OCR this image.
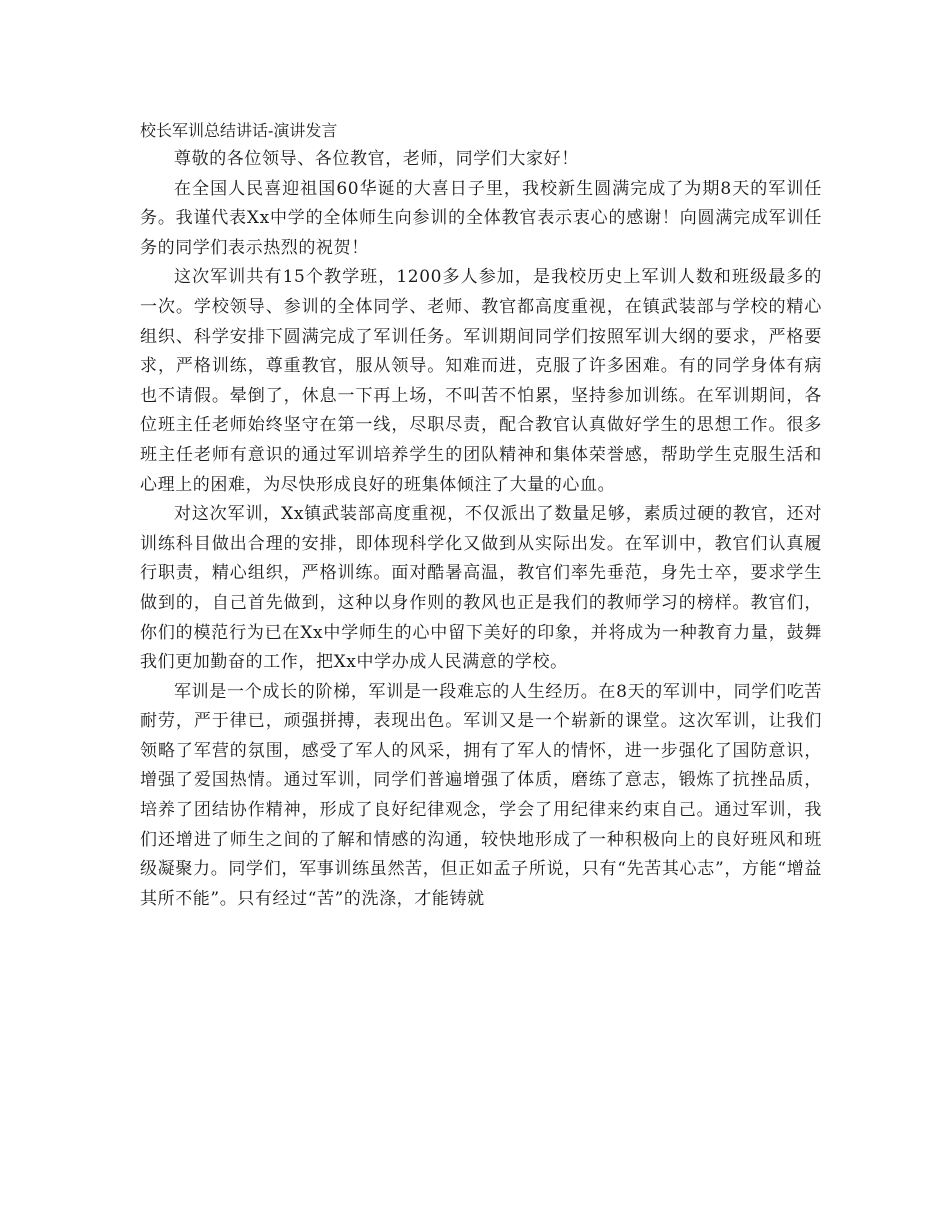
校长军训总结讲话-演讲发言

尊敬的各位领导、各位教官，老师，同学们大家好！

在全国人民喜迎祖国60华诞的大喜日子里，我校新生圆满完成了为期8天的军训任务。我谨代表Xx中学的全体师生向参训的全体教官表示衷心的感谢！向圆满完成军训任务的同学们表示热烈的祝贺！

这次军训共有15个教学班，1200多人参加，是我校历史上军训人数和班级最多的一次。学校领导、参训的全体同学、老师、教官都高度重视，在镇武装部与学校的精心组织、科学安排下圆满完成了军训任务。军训期间同学们按照军训大纲的要求，严格要求，严格训练，尊重教官，服从领导。知难而进，克服了许多困难。有的同学身体有病也不请假。晕倒了，休息一下再上场，不叫苦不怕累，坚持参加训练。在军训期间，各位班主任老师始终坚守在第一线，尽职尽责，配合教官认真做好学生的思想工作。很多班主任老师有意识的通过军训培养学生的团队精神和集体荣誉感，帮助学生克服生活和心理上的困难，为尽快形成良好的班集体倾注了大量的心血。

对这次军训，Xx镇武装部高度重视，不仅派出了数量足够，素质过硬的教官，还对训练科目做出合理的安排，即体现科学化又做到从实际出发。在军训中，教官们认真履行职责，精心组织，严格训练。面对酷暑高温，教官们率先垂范，身先士卒，要求学生做到的，自己首先做到，这种以身作则的教风也正是我们的教师学习的榜样。教官们，你们的模范行为已在Xx中学师生的心中留下美好的印象，并将成为一种教育力量，鼓舞我们更加勤奋的工作，把Xx中学办成人民满意的学校。

军训是一个成长的阶梯，军训是一段难忘的人生经历。在8天的军训中，同学们吃苦耐劳，严于律已，顽强拼搏，表现出色。军训又是一个崭新的课堂。这次军训，让我们领略了军营的氛围，感受了军人的风采，拥有了军人的情怀，进一步强化了国防意识，增强了爱国热情。通过军训，同学们普遍增强了体质，磨练了意志，锻炼了抗挫品质，培养了团结协作精神，形成了良好纪律观念，学会了用纪律来约束自己。通过军训，我们还增进了师生之间的了解和情感的沟通，较快地形成了一种积极向上的良好班风和班级凝聚力。同学们，军事训练虽然苦，但正如孟子所说，只有“先苦其心志”，方能“增益其所不能”。只有经过“苦”的洗涤，才能铸就
